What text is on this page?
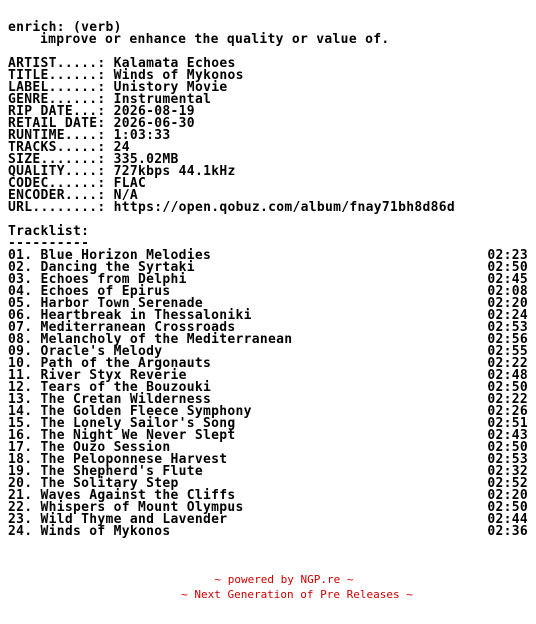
enrich: (verb)
improve or enhance the quality or value of.
ARTIST.....: Kalamata Echoes
TITLE......: Winds of Mykonos
LABEL......: Unistory Movie
GENRE......: Instrumental
RIP DATE...: 2026-08-19
RETAIL DATE: 2026-06-30
RUNTIME....: 1:03:33
TRACKS.....: 24
SIZE.......: 335.02MB
QUALITY....: 727kbps 44.1kHz
CODEC......: FLAC
ENCODER....: N/A
URL........: https://open.qobuz.com/album/fnay71bh8d86d
Tracklist:
----------
01. Blue Horizon Melodies	02:23
02. Dancing the Syrtaki	02:50
03. Echoes from Delphi	02:45
04. Echoes of Epirus	02:08
05. Harbor Town Serenade	02:20
06. Heartbreak in Thessaloniki	02:24
07. Mediterranean Crossroads	02:53
08. Melancholy of the Mediterranean	02:56
09. Oracle's Melody	02:55
10. Path of the Argonauts	02:22
11. River Styx Reverie	02:48
12. Tears of the Bouzouki	02:50
13. The Cretan Wilderness	02:22
14. The Golden Fleece Symphony	02:26
15. The Lonely Sailor's Song	02:51
16. The Night We Never Slept	02:43
17. The Ouzo Session	02:50
18. The Peloponnese Harvest	02:53
19. The Shepherd's Flute	02:32
20. The Solitary Step	02:52
21. Waves Against the Cliffs	02:20
22. Whispers of Mount Olympus	02:50
23. Wild Thyme and Lavender	02:44
24. Winds of Mykonos	02:36
~ powered by NGP.re ~
~ Next Generation of Pre Releases ~
